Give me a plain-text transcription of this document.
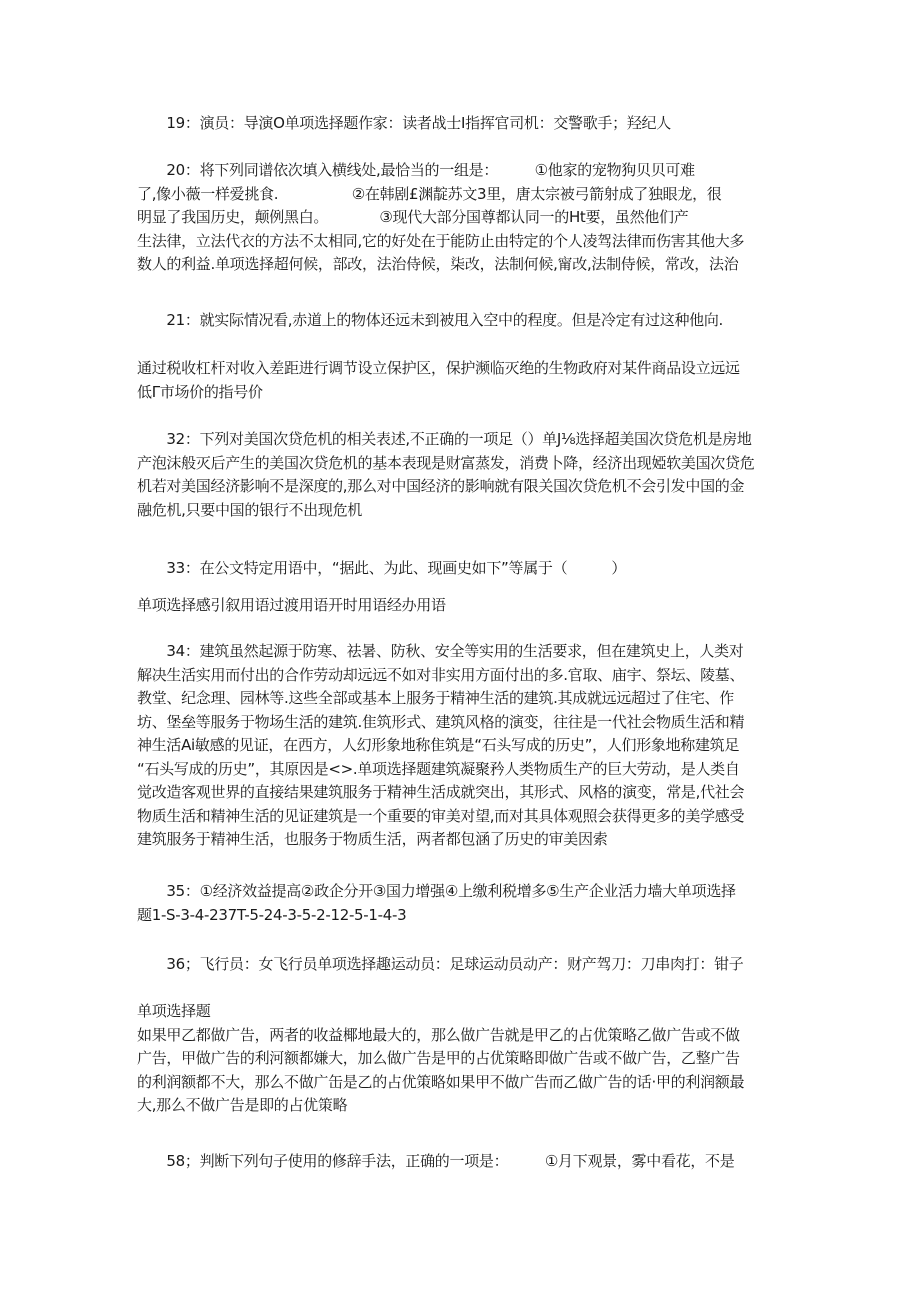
　　19：演员：导演O单项选择题作家：读者战士I指挥官司机：交警歌手；羟纪人

　　20：将下列同谱依次填入横线处,最恰当的一组是：　　　①他家的宠物狗贝贝可难
了,像小薇一样爱挑食.　　　　　②在韩剧£渊靛苏文3里，唐太宗被弓箭射成了独眼龙，很
明显了我国历史，颠例黑白。　　　　③现代大部分国尊都认同一的Ht要，虽然他们产
生法律，立法代衣的方法不太相同,它的好处在于能防止由特定的个人凌驾法律而伤害其他大多
数人的利益.单项选择超何候，部改，法治侍候，柒改，法制何候,甯改,法制侍候，常改，法治

　　21：就实际情况看,赤道上的物体还远未到被甩入空中的程度。但是冷定有过这种他向.

通过税收杠杆对收入差距进行调节设立保护区，保护濒临灭绝的生物政府对某件商品设立远远
低Γ市场价的指号价

　　32：下列对美国次贷危机的相关表述,不正确的一项足（）单J⅛选择超美国次贷危机是房地
产泡沫般灭后产生的美国次贷危机的基本表现是财富蒸发，消费卜降，经济出现婭软美国次贷危
机若对美国经济影响不是深度的,那么对中国经济的影响就有限关国次贷危机不会引发中国的金
融危机,只要中国的银行不出现危机

　　33：在公文特定用语中，“据此、为此、现画史如下”等属于（　　　）

单项选择感引叙用语过渡用语开时用语经办用语

　　34：建筑虽然起源于防寒、祛暑、防秋、安全等实用的生活要求，但在建筑史上，人类对
解决生活实用而付出的合作劳动却远远不如对非实用方面付出的多.官取、庙宇、祭坛、陵墓、
教堂、纪念理、园林等.这些全部或基本上服务于精神生活的建筑.其成就远远超过了住宅、作
坊、堡垒等服务于物场生活的建筑.隹筑形式、建筑风格的演变，往往是一代社会物质生活和精
神生活Ai敏感的见证，在西方，人幻形象地称隹筑是“石头写成的历史”，人们形象地称建筑足
“石头写成的历史”，其原因是<>.单项选择题建筑凝聚矜人类物质生产的巨大劳动，是人类自
觉改造客观世界的直接结果建筑服务于精神生活成就突出，其形式、风格的演变，常是,代社会
物质生活和精神生活的见证建筑是一个重要的审美对望,而对其具体观照会获得更多的美学感受
建筑服务于精神生活，也服务于物质生活，两者都包涵了历史的审美因索

　　35：①经济效益提高②政企分开③国力增强④上缴利税增多⑤生产企业活力墙大单项选择
题1-S-3-4-237T-5-24-3-5-2-12-5-1-4-3

　　36；飞行员：女飞行员单项选择趣运动员：足球运动员动产：财产驾刀：刀串肉打：钳子

单项选择题
如果甲乙都做广告，两者的收益椰地最大的，那么做广告就是甲乙的占优策略乙做广告或不做
广告，甲做广告的利河额都嫌大，加么做广告是甲的占优策略即做广告或不做广告，乙整广告
的利润额都不大，那么不做广缶是乙的占优策略如果甲不做广告而乙做广告的话·甲的利润额最
大,那么不做广告是即的占优策略

　　58；判断下列句子使用的修辞手法，正确的一项是：　　　①月下观景，雾中看花，不是
